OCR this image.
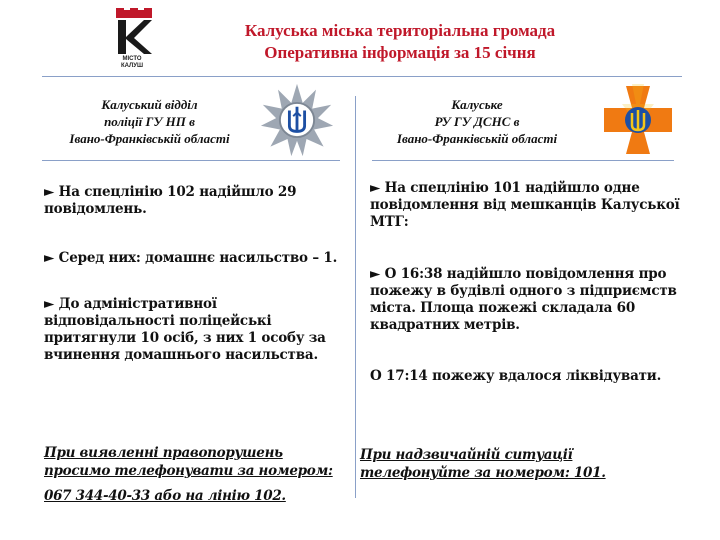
МІСТО КАЛУШ
Калуська міська територіальна громада
Оперативна інформація за 15 січня
Калуський відділ
поліції ГУ НП в
Івано-Франківській області
Калуське
РУ ГУ ДСНС в
Івано-Франківській області
► На спецлінію 102 надійшло 29 повідомлень.
► Серед них: домашнє насильство – 1.
► До адміністративної відповідальності поліцейські притягнули 10 осіб, з них 1 особу за вчинення домашнього насильства.
► На спецлінію 101 надійшло одне повідомлення від мешканців Калуської МТГ:
► О 16:38 надійшло повідомлення про пожежу в будівлі одного з підприємств міста. Площа пожежі складала 60 квадратних метрів.
О 17:14 пожежу вдалося ліквідувати.
При виявленні правопорушень просимо телефонувати за номером:
067 344-40-33 або на лінію 102.
При надзвичайній ситуації телефонуйте за номером: 101.
